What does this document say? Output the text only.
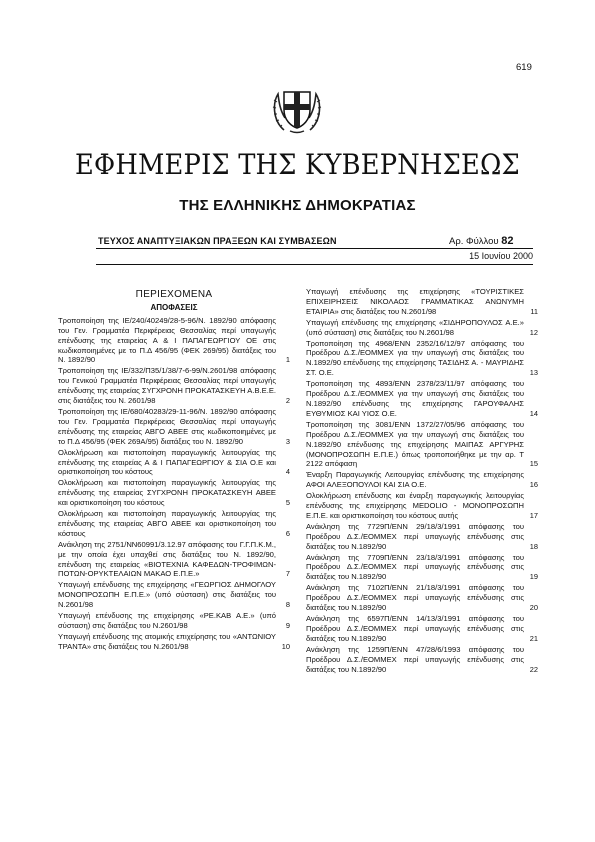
619
ΕΦΗΜΕΡΙΣ ΤΗΣ ΚΥΒΕΡΝΗΣΕΩΣ
ΤΗΣ ΕΛΛΗΝΙΚΗΣ ΔΗΜΟΚΡΑΤΙΑΣ
ΤΕΥΧΟΣ ΑΝΑΠΤΥΞΙΑΚΩΝ ΠΡΑΞΕΩΝ ΚΑΙ ΣΥΜΒΑΣΕΩΝ	Αρ. Φύλλου 82
15 Ιουνίου 2000
ΠΕΡΙΕΧΟΜΕΝΑ
ΑΠΟΦΑΣΕΙΣ
Τροποποίηση της ΙΕ/240/40249/28-5-96/Ν. 1892/90 απόφασης του Γεν. Γραμματέα Περιφέρειας Θεσσαλίας περί υπαγωγής επένδυσης της εταιρείας Α & Ι ΠΑΠΑΓΕΩΡΓΙΟΥ ΟΕ στις κωδικοποιημένες με το Π.Δ 456/95 (ΦΕΚ 269/95) διατάξεις του Ν. 1892/90	1
Τροποποίηση της ΙΕ/332/Π35/1/38/7-6-99/Ν.2601/98 απόφασης του Γενικού Γραμματέα Περιφέρειας Θεσσαλίας περί υπαγωγής επένδυσης της εταιρείας ΣΥΓΧΡΟΝΗ ΠΡΟΚΑΤΑΣΚΕΥΗ Α.Β.Ε.Ε. στις διατάξεις του Ν. 2601/98	2
Τροποποίηση της ΙΕ/680/40283/29-11-96/Ν. 1892/90 απόφασης του Γεν. Γραμματέα Περιφέρειας Θεσσαλίας περί υπαγωγής επένδυσης της εταιρείας ΑΒΓΟ ΑΒΕΕ στις κωδικοποιημένες με το Π.Δ 456/95 (ΦΕΚ 269Α/95) διατάξεις του Ν. 1892/90	3
Ολοκλήρωση και πιστοποίηση παραγωγικής λειτουργίας της επένδυσης της εταιρείας Α & Ι ΠΑΠΑΓΕΩΡΓΙΟΥ & ΣΙΑ Ο.Ε και οριστικοποίηση του κόστους	4
Ολοκλήρωση και πιστοποίηση παραγωγικής λειτουργίας της επένδυσης της εταιρείας ΣΥΓΧΡΟΝΗ ΠΡΟΚΑΤΑΣΚΕΥΗ ΑΒΕΕ και οριστικοποίηση του κόστους	5
Ολοκλήρωση και πιστοποίηση παραγωγικής λειτουργίας της επένδυσης της εταιρείας ΑΒΓΟ ΑΒΕΕ και οριστικοποίηση του κόστους	6
Ανάκληση της 2751/ΝΝ60991/3.12.97 απόφασης του Γ.Γ.Π.Κ.Μ., με την οποία έχει υπαχθεί στις διατάξεις του Ν. 1892/90, επένδυση της εταιρείας «ΒΙΟΤΕΧΝΙΑ ΚΑΦΕΔΩΝ-ΤΡΟΦΙΜΩΝ-ΠΟΤΩΝ-ΟΡΥΚΤΕΛΑΙΩΝ ΜΑΚΑΟ Ε.Π.Ε.»	7
Υπαγωγή επένδυσης της επιχείρησης «ΓΕΩΡΓΙΟΣ ΔΗΜΟΓΛΟΥ ΜΟΝΟΠΡΟΣΩΠΗ Ε.Π.Ε.» (υπό σύσταση) στις διατάξεις του Ν.2601/98	8
Υπαγωγή επένδυσης της επιχείρησης «ΡΕ.ΚΑΒ Α.Ε.» (υπό σύσταση) στις διατάξεις του Ν.2601/98	9
Υπαγωγή επένδυσης της ατομικής επιχείρησης του «ΑΝΤΩΝΙΟΥ ΤΡΑΝΤΑ» στις διατάξεις του Ν.2601/98	10
Υπαγωγή επένδυσης της επιχείρησης «ΤΟΥΡΙΣΤΙΚΕΣ ΕΠΙΧΕΙΡΗΣΕΙΣ ΝΙΚΟΛΑΟΣ ΓΡΑΜΜΑΤΙΚΑΣ ΑΝΩΝΥΜΗ ΕΤΑΙΡΙΑ» στις διατάξεις του Ν.2601/98	11
Υπαγωγή επένδυσης της επιχείρησης «ΣΙΔΗΡΟΠΟΥΛΟΣ Α.Ε.» (υπό σύσταση) στις διατάξεις του Ν.2601/98	12
Τροποποίηση της 4968/ΕΝΝ 2352/16/12/97 απόφασης του Προέδρου Δ.Σ./ΕΟΜΜΕΧ για την υπαγωγή στις διατάξεις του Ν.1892/90 επένδυσης της επιχείρησης ΤΑΣΙΔΗΣ Α. - ΜΑΥΡΙΔΗΣ ΣΤ. Ο.Ε.	13
Τροποποίηση της 4893/ΕΝΝ 2378/23/11/97 απόφασης του Προέδρου Δ.Σ./ΕΟΜΜΕΧ για την υπαγωγή στις διατάξεις του Ν.1892/90 επένδυσης της επιχείρησης ΓΑΡΟΥΦΑΛΗΣ ΕΥΘΥΜΙΟΣ ΚΑΙ ΥΙΟΣ Ο.Ε.	14
Τροποποίηση της 3081/ΕΝΝ 1372/27/05/96 απόφασης του Προέδρου Δ.Σ./ΕΟΜΜΕΧ για την υπαγωγή στις διατάξεις του Ν.1892/90 επένδυσης της επιχείρησης ΜΑΙΠΑΣ ΑΡΓΥΡΗΣ (ΜΟΝΟΠΡΟΣΩΠΗ Ε.Π.Ε.) όπως τροποποιήθηκε με την αρ. Τ 2122 απόφαση	15
Έναρξη Παραγωγικής Λειτουργίας επένδυσης της επιχείρησης ΑΦΟΙ ΑΛΕΞΟΠΟΥΛΟΙ ΚΑΙ ΣΙΑ Ο.Ε.	16
Ολοκλήρωση επένδυσης και έναρξη παραγωγικής λειτουργίας επένδυσης της επιχείρησης MEDOLIO - ΜΟΝΟΠΡΟΣΩΠΗ Ε.Π.Ε. και οριστικοποίηση του κόστους αυτής	17
Ανάκληση της 7729Π/ΕΝΝ 29/18/3/1991 απόφασης του Προέδρου Δ.Σ./ΕΟΜΜΕΧ περί υπαγωγής επένδυσης στις διατάξεις του Ν.1892/90	18
Ανάκληση της 7709Π/ΕΝΝ 23/18/3/1991 απόφασης του Προέδρου Δ.Σ./ΕΟΜΜΕΧ περί υπαγωγής επένδυσης στις διατάξεις του Ν.1892/90	19
Ανάκληση της 7102Π/ΕΝΝ 21/18/3/1991 απόφασης του Προέδρου Δ.Σ./ΕΟΜΜΕΧ περί υπαγωγής επένδυσης στις διατάξεις του Ν.1892/90	20
Ανάκληση της 6597Π/ΕΝΝ 14/13/3/1991 απόφασης του Προέδρου Δ.Σ./ΕΟΜΜΕΧ περί υπαγωγής επένδυσης στις διατάξεις του Ν.1892/90	21
Ανάκληση της 1259Π/ΕΝΝ 47/28/6/1993 απόφασης του Προέδρου Δ.Σ./ΕΟΜΜΕΧ περί υπαγωγής επένδυσης στις διατάξεις του Ν.1892/90	22
